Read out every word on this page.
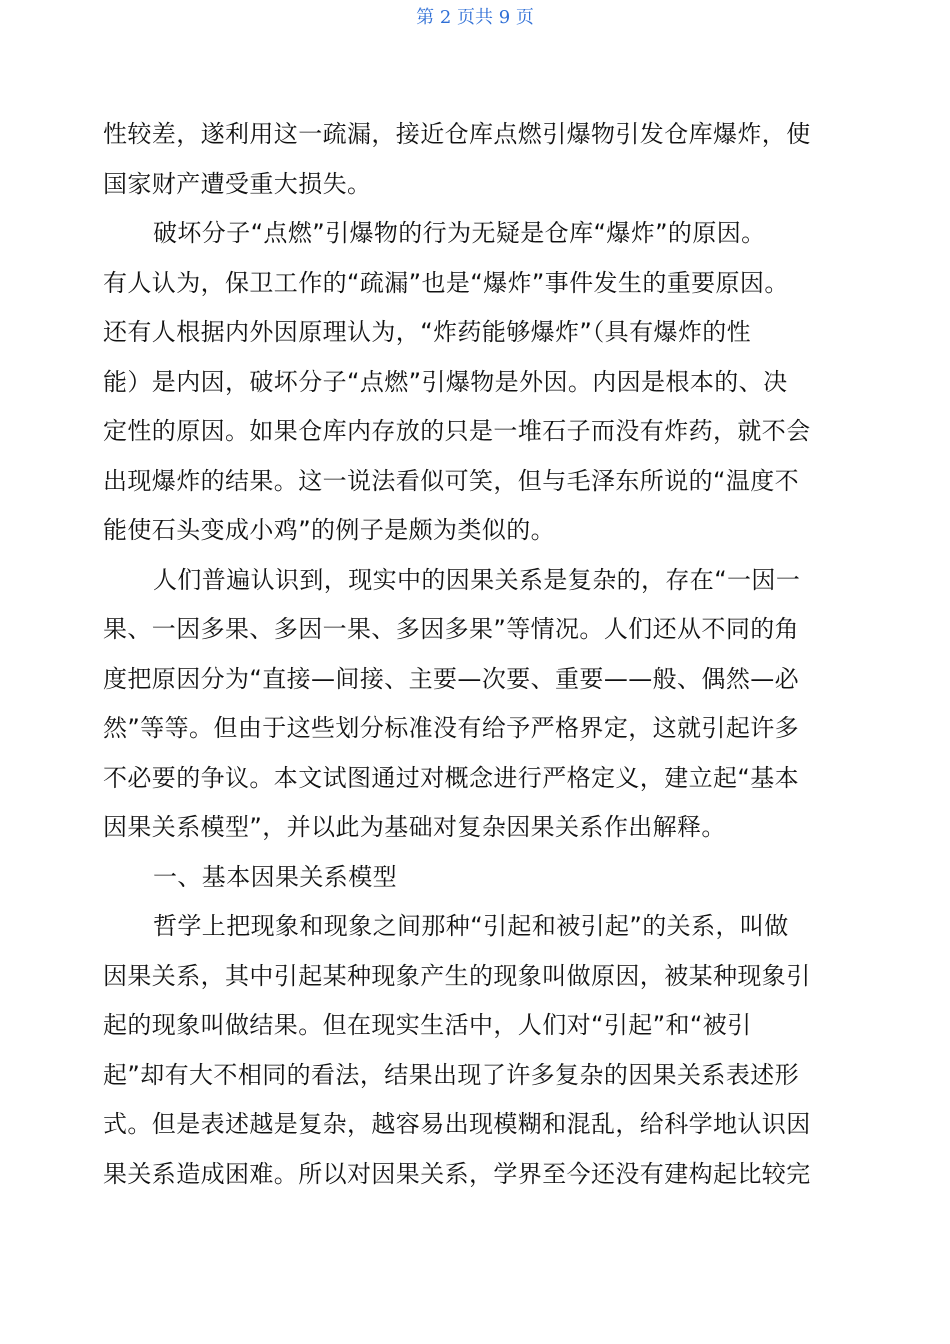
第 2 页共 9 页
性较差，遂利用这一疏漏，接近仓库点燃引爆物引发仓库爆炸，使
国家财产遭受重大损失。
破坏分子“点燃”引爆物的行为无疑是仓库“爆炸”的原因。
有人认为，保卫工作的“疏漏”也是“爆炸”事件发生的重要原因。
还有人根据内外因原理认为，“炸药能够爆炸”（具有爆炸的性
能）是内因，破坏分子“点燃”引爆物是外因。内因是根本的、决
定性的原因。如果仓库内存放的只是一堆石子而没有炸药，就不会
出现爆炸的结果。这一说法看似可笑，但与毛泽东所说的“温度不
能使石头变成小鸡”的例子是颇为类似的。
人们普遍认识到，现实中的因果关系是复杂的，存在“一因一
果、一因多果、多因一果、多因多果”等情况。人们还从不同的角
度把原因分为“直接—间接、主要—次要、重要——般、偶然—必
然”等等。但由于这些划分标准没有给予严格界定，这就引起许多
不必要的争议。本文试图通过对概念进行严格定义，建立起“基本
因果关系模型”，并以此为基础对复杂因果关系作出解释。
一、基本因果关系模型
哲学上把现象和现象之间那种“引起和被引起”的关系，叫做
因果关系，其中引起某种现象产生的现象叫做原因，被某种现象引
起的现象叫做结果。但在现实生活中，人们对“引起”和“被引
起”却有大不相同的看法，结果出现了许多复杂的因果关系表述形
式。但是表述越是复杂，越容易出现模糊和混乱，给科学地认识因
果关系造成困难。所以对因果关系，学界至今还没有建构起比较完
